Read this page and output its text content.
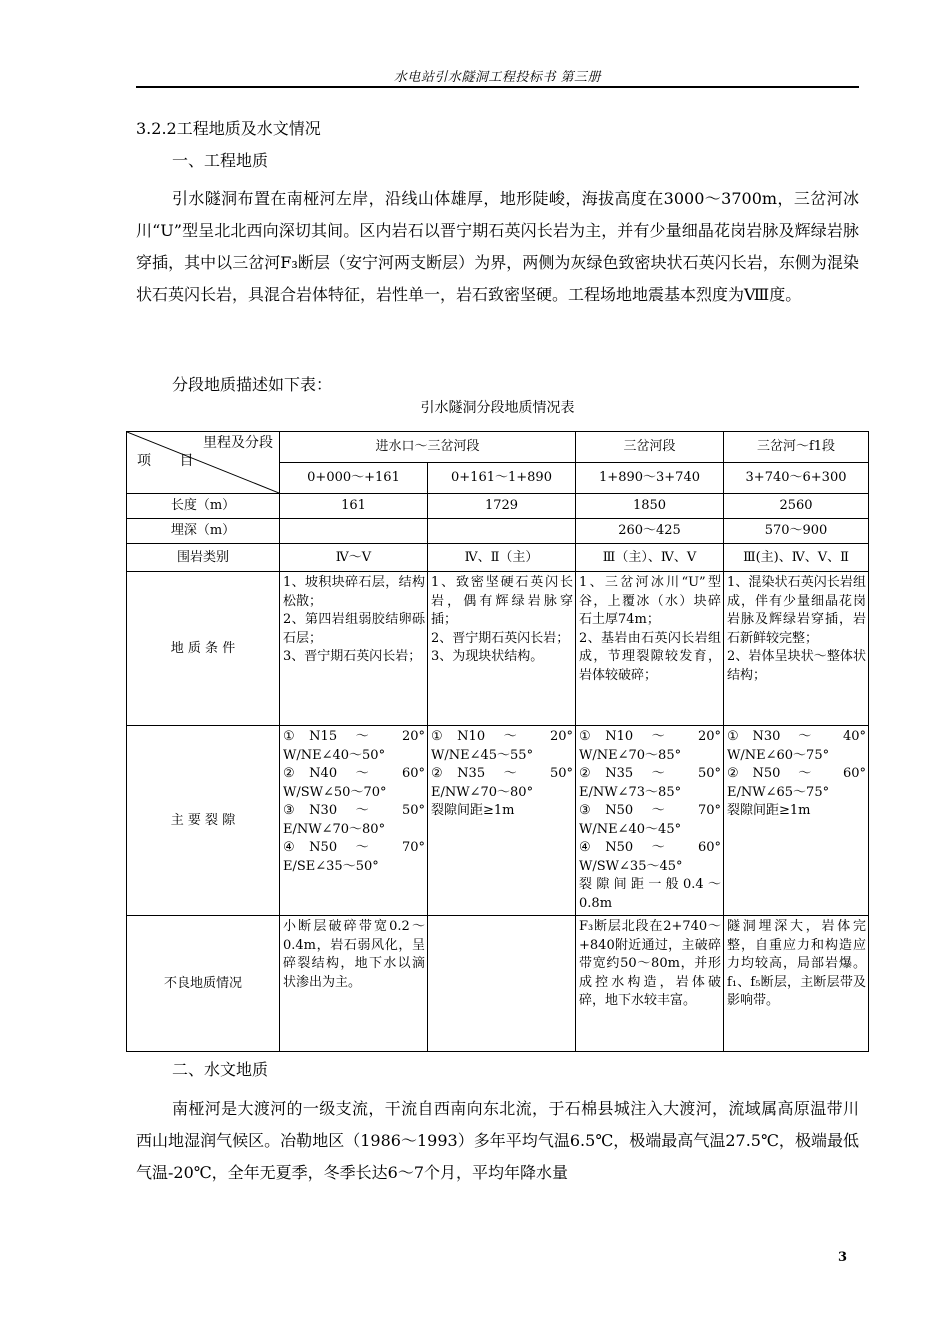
水电站引水隧洞工程投标书 第三册
3.2.2工程地质及水文情况
一、工程地质
引水隧洞布置在南桠河左岸，沿线山体雄厚，地形陡峻，海拔高度在3000～3700m，三岔河冰川“U”型呈北北西向深切其间。区内岩石以晋宁期石英闪长岩为主，并有少量细晶花岗岩脉及辉绿岩脉穿插，其中以三岔河F₃断层（安宁河两支断层）为界，两侧为灰绿色致密块状石英闪长岩，东侧为混染状石英闪长岩，具混合岩体特征，岩性单一，岩石致密坚硬。工程场地地震基本烈度为Ⅷ度。
分段地质描述如下表：
引水隧洞分段地质情况表
里程及分段
项 目	进水口～三岔河段		三岔河段	三岔河～f1段
	0+000～+161	0+161～1+890	1+890～3+740	3+740～6+300
长度（m）	161	1729	1850	2560
埋深（m）			260～425	570～900
围岩类别	Ⅳ～Ⅴ	Ⅳ、Ⅱ（主）	Ⅲ（主）、Ⅳ、Ⅴ	Ⅲ(主)、Ⅳ、Ⅴ、Ⅱ
地 质 条 件	1、坡积块碎石层，结构松散；
2、第四岩组弱胶结卵砾石层；
3、晋宁期石英闪长岩；	1、致密坚硬石英闪长岩，偶有辉绿岩脉穿插；
2、晋宁期石英闪长岩；
3、为现块状结构。	1、三岔河冰川“U”型谷，上覆冰（水）块碎石土厚74m；
2、基岩由石英闪长岩组成，节理裂隙较发育，岩体较破碎；	1、混染状石英闪长岩组成，伴有少量细晶花岗岩脉及辉绿岩穿插，岩石新鲜较完整；
2、岩体呈块状～整体状结构；
主 要 裂 隙	①N15 ～ 20° W/NE∠40～50°
②N40 ～ 60° W/SW∠50～70°
③N30 ～ 50° E/NW∠70～80°
④N50 ～ 70° E/SE∠35～50°	①N10 ～ 20° W/NE∠45～55°
②N35 ～ 50° E/NW∠70～80°
裂隙间距≥1m	①N10 ～ 20° W/NE∠70～85°
②N35 ～ 50° E/NW∠73～85°
③N50 ～ 70° W/NE∠40～45°
④N50 ～ 60° W/SW∠35～45°
裂隙间距一般0.4～0.8m	①N30 ～ 40° W/NE∠60～75°
②N50 ～ 60° E/NW∠65～75°
裂隙间距≥1m
不良地质情况	小断层破碎带宽0.2～0.4m，岩石弱风化，呈碎裂结构，地下水以滴状渗出为主。		F₃断层北段在2+740～+840附近通过，主破碎带宽约50～80m，并形成控水构造，岩体破碎，地下水较丰富。	隧洞埋深大，岩体完整，自重应力和构造应力均较高，局部岩爆。f₁、f₅断层，主断层带及影响带。
二、水文地质
南桠河是大渡河的一级支流，干流自西南向东北流，于石棉县城注入大渡河，流域属高原温带川西山地湿润气候区。冶勒地区（1986～1993）多年平均气温6.5℃，极端最高气温27.5℃，极端最低气温-20℃，全年无夏季，冬季长达6～7个月，平均年降水量
3
